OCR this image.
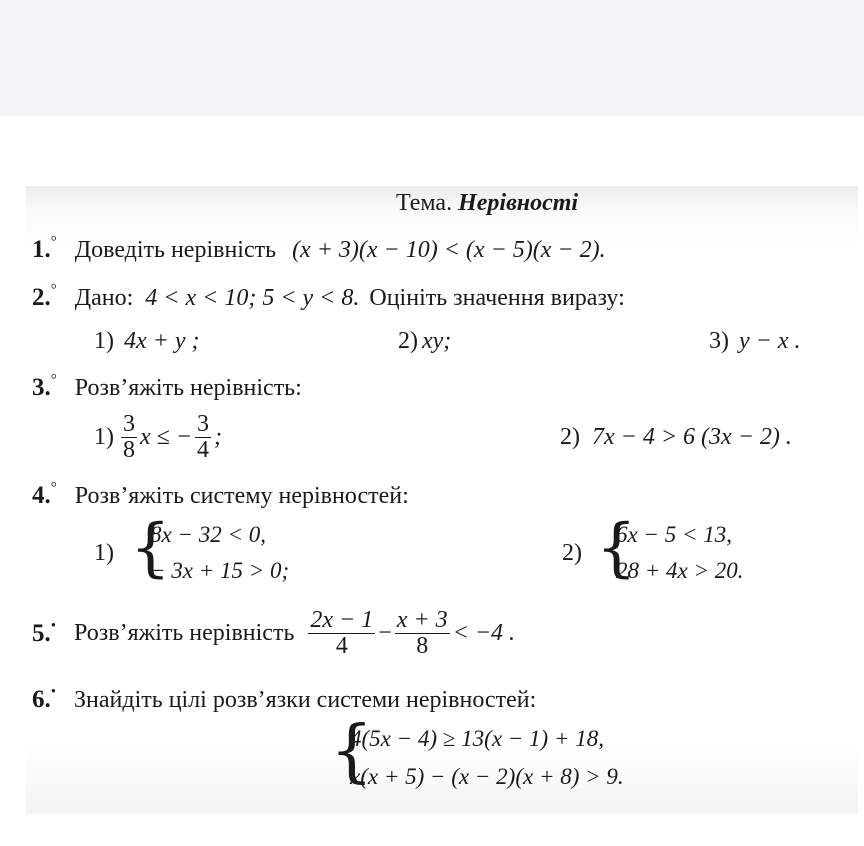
Тема. Нерівності
1.° Доведіть нерівність (x + 3)(x − 10) < (x − 5)(x − 2).
2.° Дано: 4 < x < 10; 5 < y < 8. Оцініть значення виразу:
1) 4x + y ;	2) xy;	3) y − x .
3.° Розв’яжіть нерівність:
$1) \frac{3}{8}$ x ≤ − $\frac{3}{4}$ ;	2) 7x − 4 > 6 (3x − 2) .
4.° Розв’яжіть систему нерівностей:
1) {
8x − 32 < 0,
− 3x + 15 > 0;
2) {
6x − 5 < 13,
28 + 4x > 20.
5.• Розв’яжіть нерівність $\frac{2x - 1}{4} - \frac{x + 3}{8} < -4$ .
6.• Знайдіть цілі розв’язки системи нерівностей:
{
4(5x − 4) ≥ 13(x − 1) + 18,
x(x + 5) − (x − 2)(x + 8) > 9.
